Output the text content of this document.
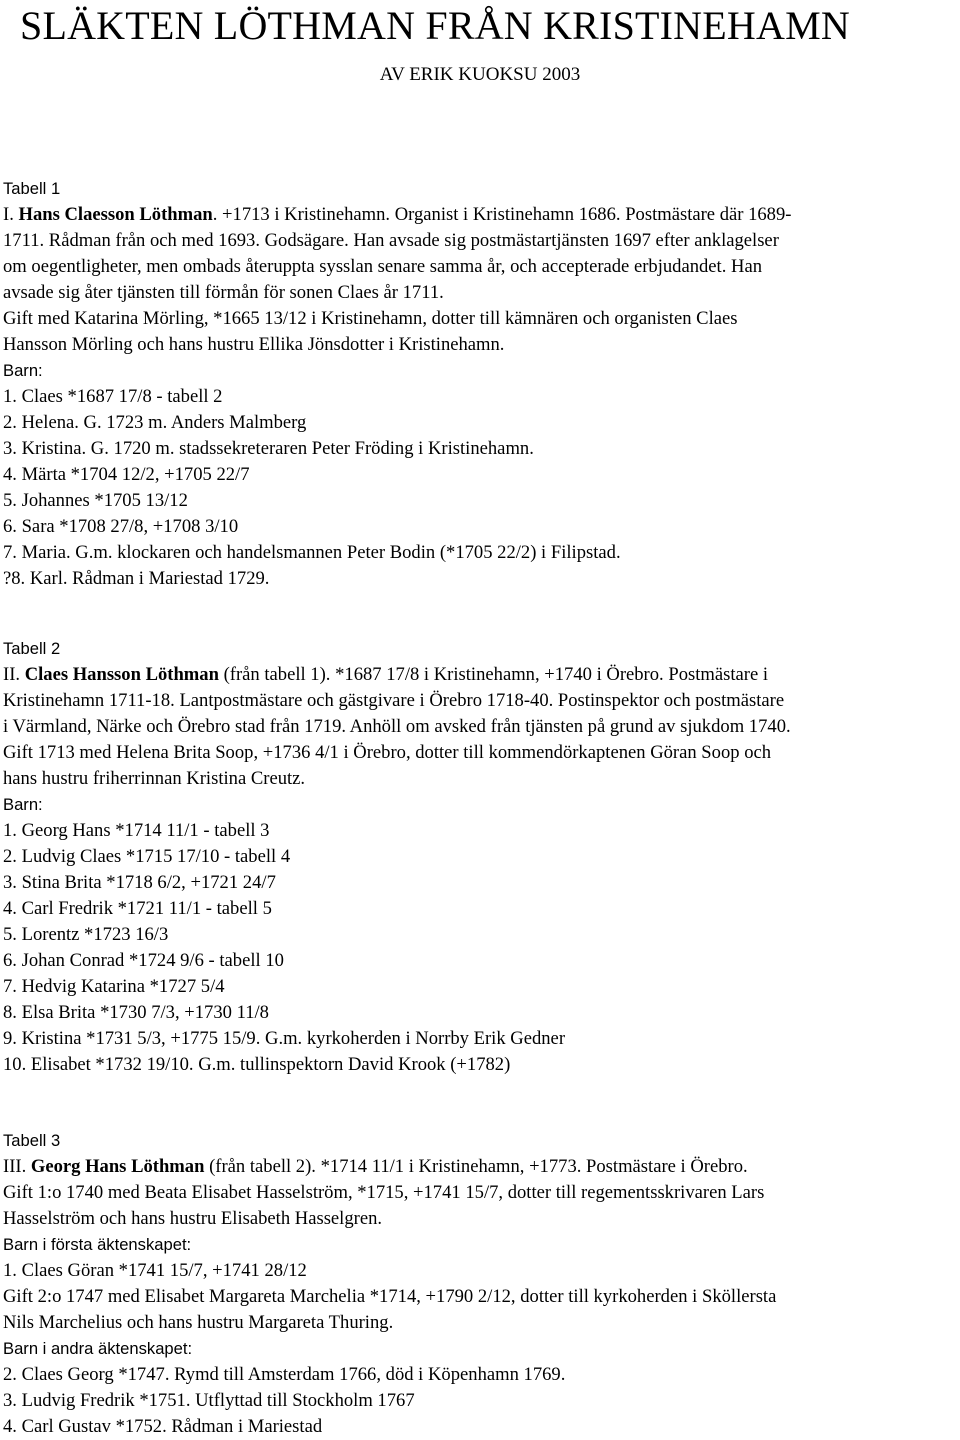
SLÄKTEN LÖTHMAN FRÅN KRISTINEHAMN
AV ERIK KUOKSU 2003
Tabell 1
I. Hans Claesson Löthman. +1713 i Kristinehamn. Organist i Kristinehamn 1686. Postmästare där 1689-
1711. Rådman från och med 1693. Godsägare. Han avsade sig postmästartjänsten 1697 efter anklagelser
om oegentligheter, men ombads återuppta sysslan senare samma år, och accepterade erbjudandet. Han
avsade sig åter tjänsten till förmån för sonen Claes år 1711.
Gift med Katarina Mörling, *1665 13/12 i Kristinehamn, dotter till kämnären och organisten Claes
Hansson Mörling och hans hustru Ellika Jönsdotter i Kristinehamn.
Barn:
1. Claes *1687 17/8 - tabell 2
2. Helena. G. 1723 m. Anders Malmberg
3. Kristina. G. 1720 m. stadssekreteraren Peter Fröding i Kristinehamn.
4. Märta *1704 12/2, +1705 22/7
5. Johannes *1705 13/12
6. Sara *1708 27/8, +1708 3/10
7. Maria. G.m. klockaren och handelsmannen Peter Bodin (*1705 22/2) i Filipstad.
?8. Karl. Rådman i Mariestad 1729.
Tabell 2
II. Claes Hansson Löthman (från tabell 1). *1687 17/8 i Kristinehamn, +1740 i Örebro. Postmästare i
Kristinehamn 1711-18. Lantpostmästare och gästgivare i Örebro 1718-40. Postinspektor och postmästare
i Värmland, Närke och Örebro stad från 1719. Anhöll om avsked från tjänsten på grund av sjukdom 1740.
Gift 1713 med Helena Brita Soop, +1736 4/1 i Örebro, dotter till kommendörkaptenen Göran Soop och
hans hustru friherrinnan Kristina Creutz.
Barn:
1. Georg Hans *1714 11/1 - tabell 3
2. Ludvig Claes *1715 17/10 - tabell 4
3. Stina Brita *1718 6/2, +1721 24/7
4. Carl Fredrik *1721 11/1 - tabell 5
5. Lorentz *1723 16/3
6. Johan Conrad *1724 9/6 - tabell 10
7. Hedvig Katarina *1727 5/4
8. Elsa Brita *1730 7/3, +1730 11/8
9. Kristina *1731 5/3, +1775 15/9. G.m. kyrkoherden i Norrby Erik Gedner
10. Elisabet *1732 19/10. G.m. tullinspektorn David Krook (+1782)
Tabell 3
III. Georg Hans Löthman (från tabell 2). *1714 11/1 i Kristinehamn, +1773. Postmästare i Örebro.
Gift 1:o 1740 med Beata Elisabet Hasselström, *1715, +1741 15/7, dotter till regementsskrivaren Lars
Hasselström och hans hustru Elisabeth Hasselgren.
Barn i första äktenskapet:
1. Claes Göran *1741 15/7, +1741 28/12
Gift 2:o 1747 med Elisabet Margareta Marchelia *1714, +1790 2/12, dotter till kyrkoherden i Sköllersta
Nils Marchelius och hans hustru Margareta Thuring.
Barn i andra äktenskapet:
2. Claes Georg *1747. Rymd till Amsterdam 1766, död i Köpenhamn 1769.
3. Ludvig Fredrik *1751. Utflyttad till Stockholm 1767
4. Carl Gustav *1752. Rådman i Mariestad
